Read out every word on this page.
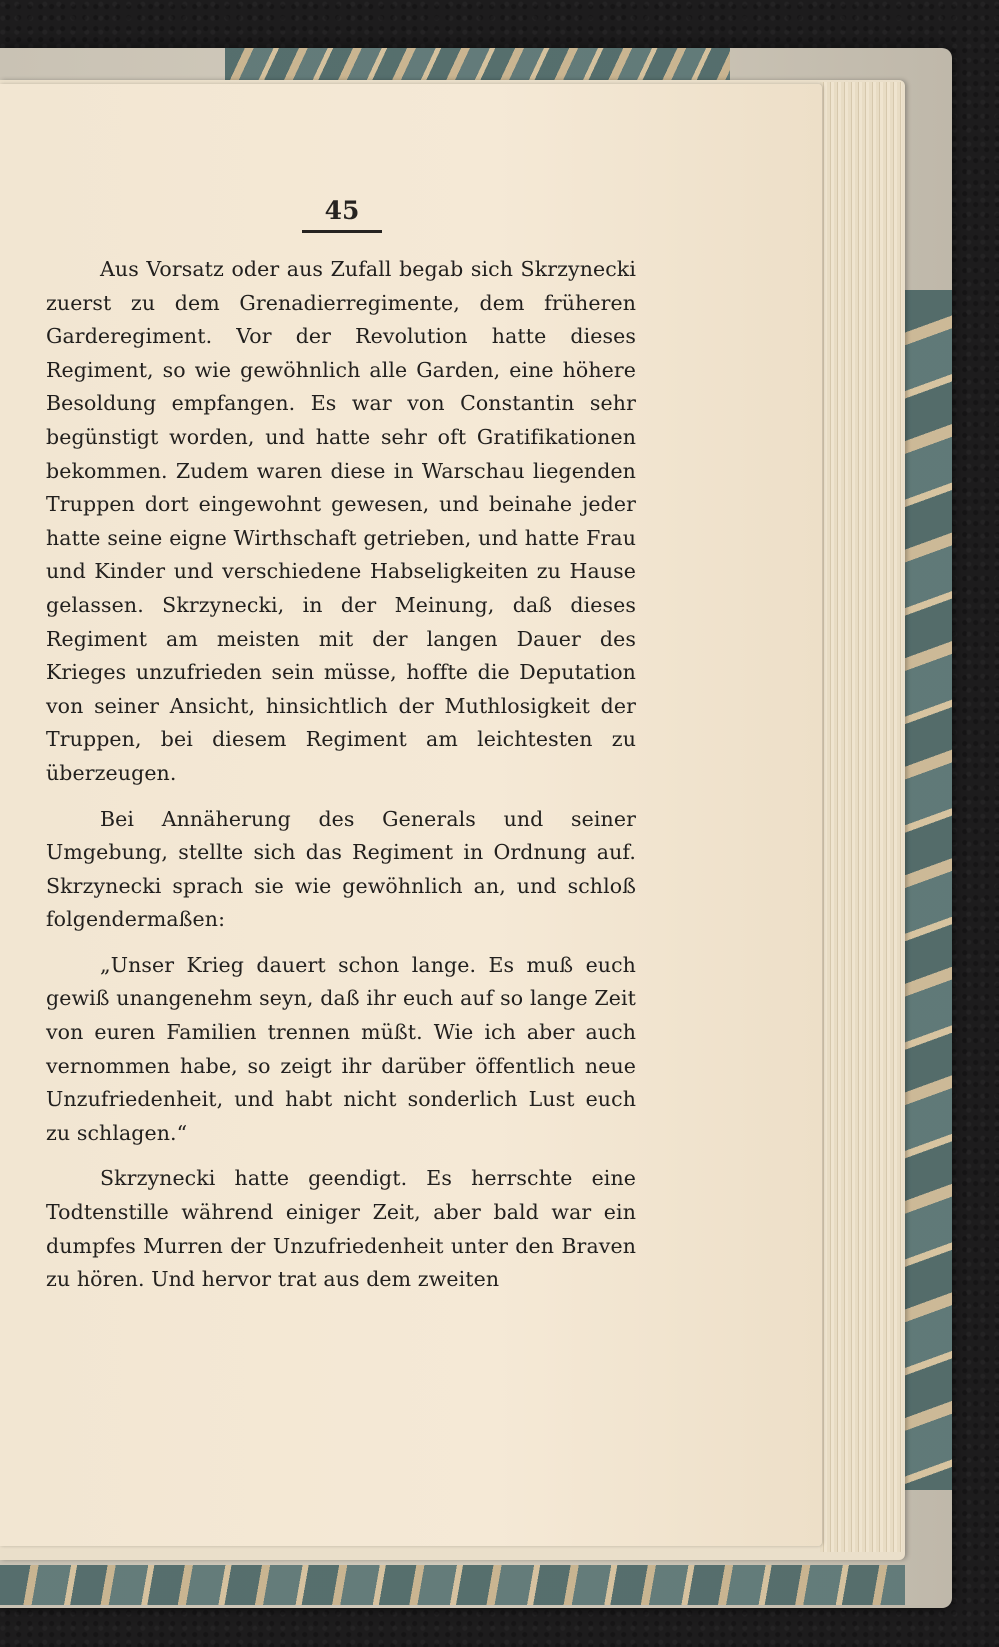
45

Aus Vorsatz oder aus Zufall begab sich Skrzynecki zuerst zu dem Grenadierregimente, dem früheren Garderegiment. Vor der Revolution hatte dieses Regiment, so wie gewöhnlich alle Garden, eine höhere Besoldung empfangen. Es war von Constantin sehr begünstigt worden, und hatte sehr oft Gratifikationen bekommen. Zudem waren diese in Warschau liegenden Truppen dort eingewohnt gewesen, und beinahe jeder hatte seine eigne Wirthschaft getrieben, und hatte Frau und Kinder und verschiedene Habseligkeiten zu Hause gelassen. Skrzynecki, in der Meinung, daß dieses Regiment am meisten mit der langen Dauer des Krieges unzufrieden sein müsse, hoffte die Deputation von seiner Ansicht, hinsichtlich der Muthlosigkeit der Truppen, bei diesem Regiment am leichtesten zu überzeugen.

Bei Annäherung des Generals und seiner Umgebung, stellte sich das Regiment in Ordnung auf. Skrzynecki sprach sie wie gewöhnlich an, und schloß folgendermaßen:

„Unser Krieg dauert schon lange. Es muß euch gewiß unangenehm seyn, daß ihr euch auf so lange Zeit von euren Familien trennen müßt. Wie ich aber auch vernommen habe, so zeigt ihr darüber öffentlich neue Unzufriedenheit, und habt nicht sonderlich Lust euch zu schlagen.“

Skrzynecki hatte geendigt. Es herrschte eine Todtenstille während einiger Zeit, aber bald war ein dumpfes Murren der Unzufriedenheit unter den Braven zu hören. Und hervor trat aus dem zweiten
